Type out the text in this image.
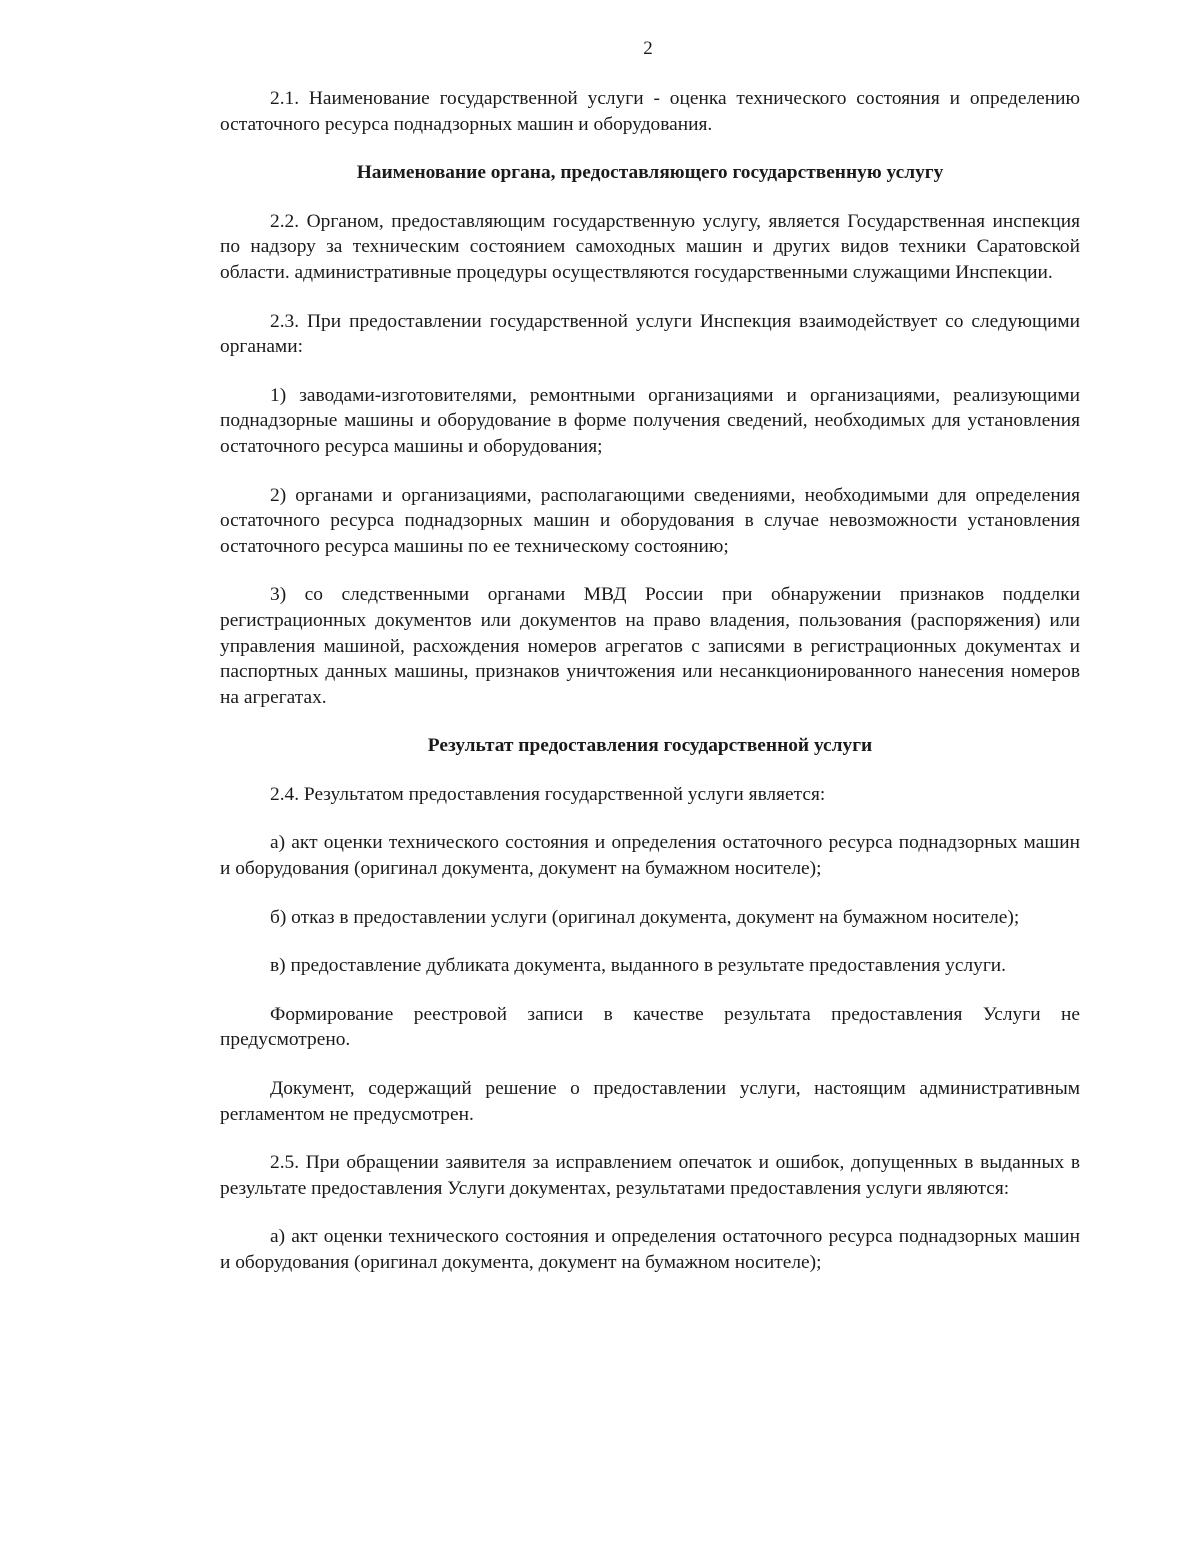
2

2.1. Наименование государственной услуги - оценка технического состояния и определению остаточного ресурса поднадзорных машин и оборудования.

Наименование органа, предоставляющего государственную услугу

2.2. Органом, предоставляющим государственную услугу, является Государственная инспекция по надзору за техническим состоянием самоходных машин и других видов техники Саратовской области. административные процедуры осуществляются государственными служащими Инспекции.

2.3. При предоставлении государственной услуги Инспекция взаимодействует со следующими органами:

1) заводами-изготовителями, ремонтными организациями и организациями, реализующими поднадзорные машины и оборудование в форме получения сведений, необходимых для установления остаточного ресурса машины и оборудования;

2) органами и организациями, располагающими сведениями, необходимыми для определения остаточного ресурса поднадзорных машин и оборудования в случае невозможности установления остаточного ресурса машины по ее техническому состоянию;

3) со следственными органами МВД России при обнаружении признаков подделки регистрационных документов или документов на право владения, пользования (распоряжения) или управления машиной, расхождения номеров агрегатов с записями в регистрационных документах и паспортных данных машины, признаков уничтожения или несанкционированного нанесения номеров на агрегатах.

Результат предоставления государственной услуги

2.4. Результатом предоставления государственной услуги является:

а) акт оценки технического состояния и определения остаточного ресурса поднадзорных машин и оборудования (оригинал документа, документ на бумажном носителе);

б) отказ в предоставлении услуги (оригинал документа, документ на бумажном носителе);

в) предоставление дубликата документа, выданного в результате предоставления услуги.

Формирование реестровой записи в качестве результата предоставления Услуги не предусмотрено.

Документ, содержащий решение о предоставлении услуги, настоящим административным регламентом не предусмотрен.

2.5. При обращении заявителя за исправлением опечаток и ошибок, допущенных в выданных в результате предоставления Услуги документах, результатами предоставления услуги являются:

а) акт оценки технического состояния и определения остаточного ресурса поднадзорных машин и оборудования (оригинал документа, документ на бумажном носителе);
